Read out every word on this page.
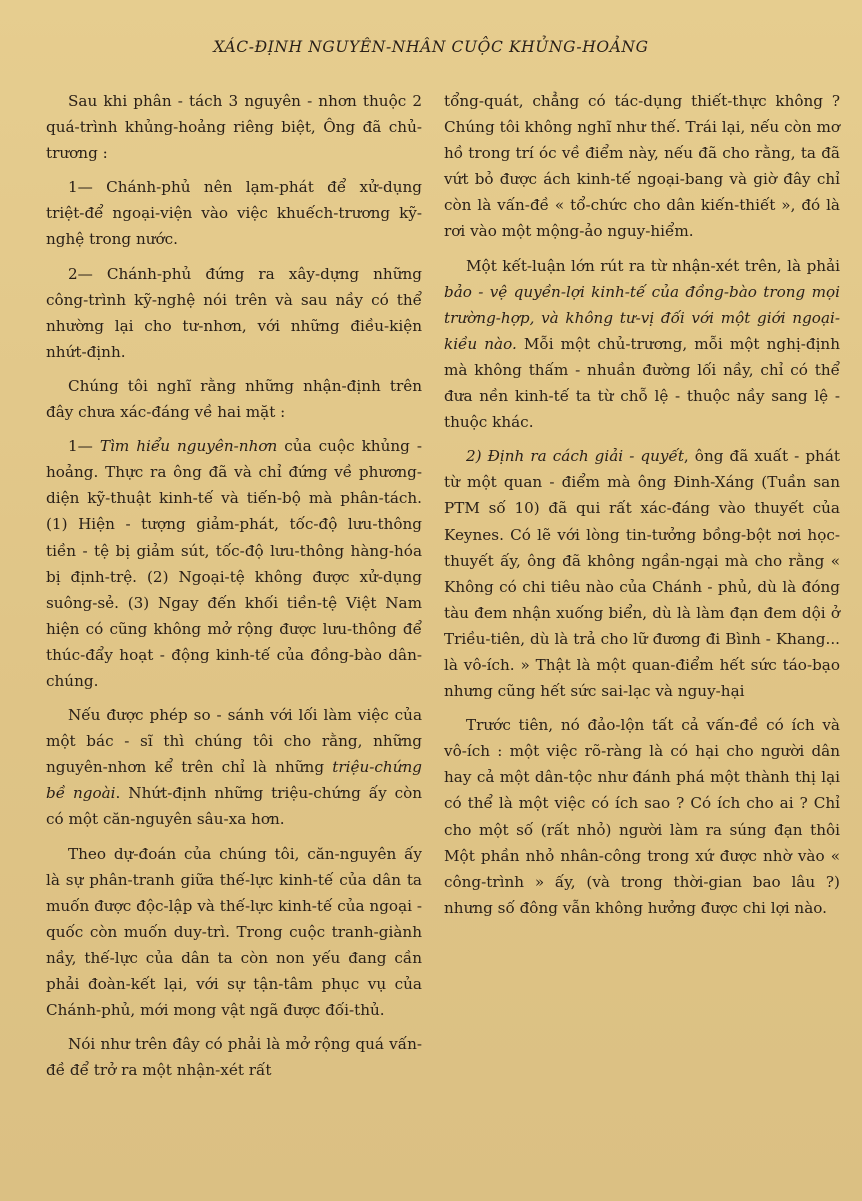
XÁC-ĐỊNH NGUYÊN-NHÂN CUỘC KHỦNG-HOẢNG

Sau khi phân - tách 3 nguyên - nhơn thuộc 2 quá-trình khủng-hoảng riêng biệt, Ông đã chủ-trương :

1— Chánh-phủ nên lạm-phát để xử-dụng triệt-để ngoại-viện vào việc khuếch-trương kỹ-nghệ trong nước.

2— Chánh-phủ đứng ra xây-dựng những công-trình kỹ-nghệ nói trên và sau nầy có thể nhường lại cho tư-nhơn, với những điều-kiện nhứt-định.

Chúng tôi nghĩ rằng những nhận-định trên đây chưa xác-đáng về hai mặt :

1— Tìm hiểu nguyên-nhơn của cuộc khủng - hoảng. Thực ra ông đã và chỉ đứng về phương-diện kỹ-thuật kinh-tế và tiến-bộ mà phân-tách. (1) Hiện - tượng giảm-phát, tốc-độ lưu-thông tiền - tệ bị giảm sút, tốc-độ lưu-thông hàng-hóa bị định-trệ. (2) Ngoại-tệ không được xử-dụng suông-sẻ. (3) Ngay đến khối tiền-tệ Việt Nam hiện có cũng không mở rộng được lưu-thông để thúc-đẩy hoạt - động kinh-tế của đồng-bào dân-chúng.

Nếu được phép so - sánh với lối làm việc của một bác - sĩ thì chúng tôi cho rằng, những nguyên-nhơn kể trên chỉ là những triệu-chứng bề ngoài. Nhứt-định những triệu-chứng ấy còn có một căn-nguyên sâu-xa hơn.

Theo dự-đoán của chúng tôi, căn-nguyên ấy là sự phân-tranh giữa thế-lực kinh-tế của dân ta muốn được độc-lập và thế-lực kinh-tế của ngoại - quốc còn muốn duy-trì. Trong cuộc tranh-giành nầy, thế-lực của dân ta còn non yếu đang cần phải đoàn-kết lại, với sự tận-tâm phục vụ của Chánh-phủ, mới mong vật ngã được đối-thủ.

Nói như trên đây có phải là mở rộng quá vấn-đề để trở ra một nhận-xét rất

tổng-quát, chẳng có tác-dụng thiết-thực không ? Chúng tôi không nghĩ như thế. Trái lại, nếu còn mơ hồ trong trí óc về điểm này, nếu đã cho rằng, ta đã vứt bỏ được ách kinh-tế ngoại-bang và giờ đây chỉ còn là vấn-đề « tổ-chức cho dân kiến-thiết », đó là rơi vào một mộng-ảo nguy-hiểm.

Một kết-luận lớn rút ra từ nhận-xét trên, là phải bảo - vệ quyền-lợi kinh-tế của đồng-bào trong mọi trường-hợp, và không tư-vị đối với một giới ngoại-kiều nào. Mỗi một chủ-trương, mỗi một nghị-định mà không thấm - nhuần đường lối nầy, chỉ có thể đưa nền kinh-tế ta từ chỗ lệ - thuộc nầy sang lệ - thuộc khác.

2) Định ra cách giải - quyết, ông đã xuất - phát từ một quan - điểm mà ông Đinh-Xáng (Tuần san PTM số 10) đã qui rất xác-đáng vào thuyết của Keynes. Có lẽ với lòng tin-tưởng bồng-bột nơi học-thuyết ấy, ông đã không ngần-ngại mà cho rằng « Không có chi tiêu nào của Chánh - phủ, dù là đóng tàu đem nhận xuống biển, dù là làm đạn đem dội ở Triều-tiên, dù là trả cho lữ đương đi Bình - Khang... là vô-ích. » Thật là một quan-điểm hết sức táo-bạo nhưng cũng hết sức sai-lạc và nguy-hại

Trước tiên, nó đảo-lộn tất cả vấn-đề có ích và vô-ích : một việc rõ-ràng là có hại cho người dân hay cả một dân-tộc như đánh phá một thành thị lại có thể là một việc có ích sao ? Có ích cho ai ? Chỉ cho một số (rất nhỏ) người làm ra súng đạn thôi Một phần nhỏ nhân-công trong xứ được nhờ vào « công-trình » ấy, (và trong thời-gian bao lâu ?) nhưng số đông vẫn không hưởng được chi lợi nào.
